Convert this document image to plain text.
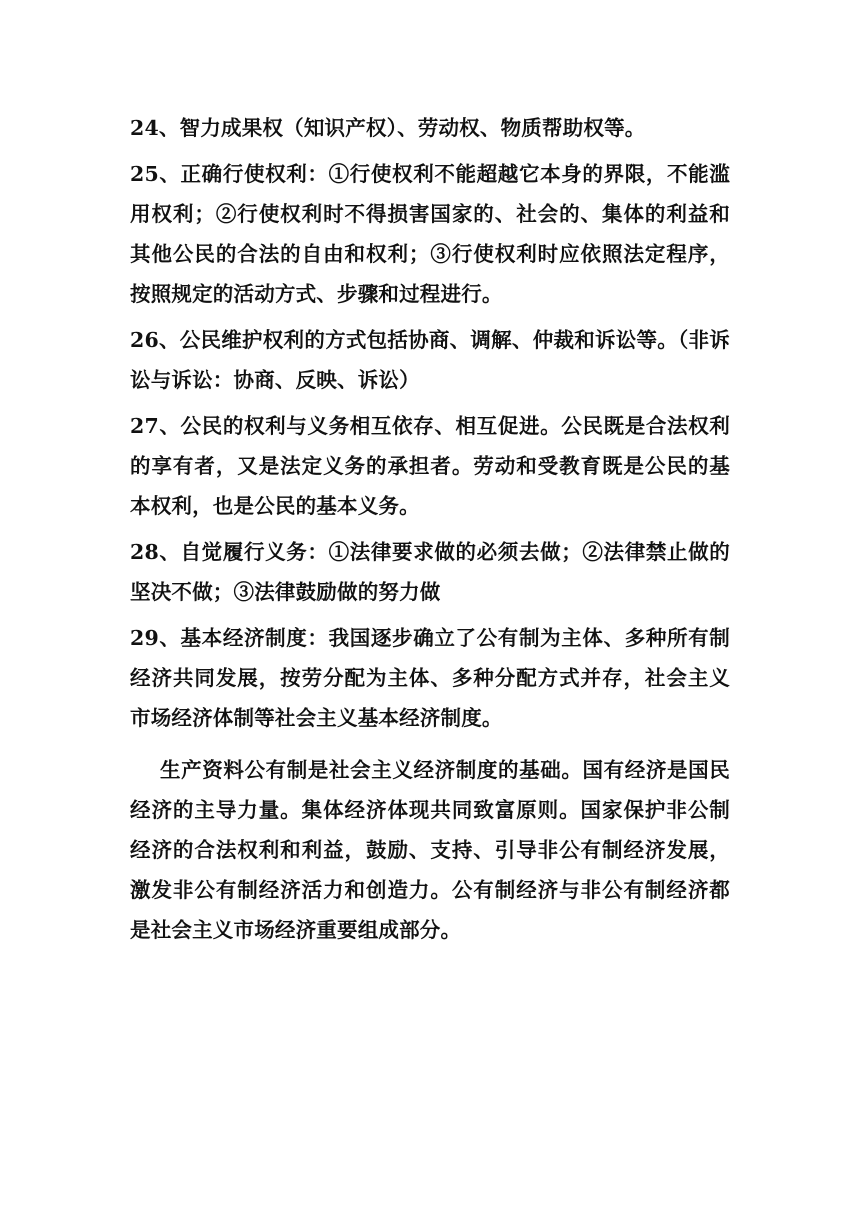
24、智力成果权（知识产权）、劳动权、物质帮助权等。

25、正确行使权利：①行使权利不能超越它本身的界限，不能滥用权利；②行使权利时不得损害国家的、社会的、集体的利益和其他公民的合法的自由和权利；③行使权利时应依照法定程序，按照规定的活动方式、步骤和过程进行。

26、公民维护权利的方式包括协商、调解、仲裁和诉讼等。（非诉讼与诉讼：协商、反映、诉讼）

27、公民的权利与义务相互依存、相互促进。公民既是合法权利的享有者，又是法定义务的承担者。劳动和受教育既是公民的基本权利，也是公民的基本义务。

28、自觉履行义务：①法律要求做的必须去做；②法律禁止做的坚决不做；③法律鼓励做的努力做

29、基本经济制度：我国逐步确立了公有制为主体、多种所有制经济共同发展，按劳分配为主体、多种分配方式并存，社会主义市场经济体制等社会主义基本经济制度。

生产资料公有制是社会主义经济制度的基础。国有经济是国民经济的主导力量。集体经济体现共同致富原则。国家保护非公制经济的合法权利和利益，鼓励、支持、引导非公有制经济发展，激发非公有制经济活力和创造力。公有制经济与非公有制经济都是社会主义市场经济重要组成部分。
